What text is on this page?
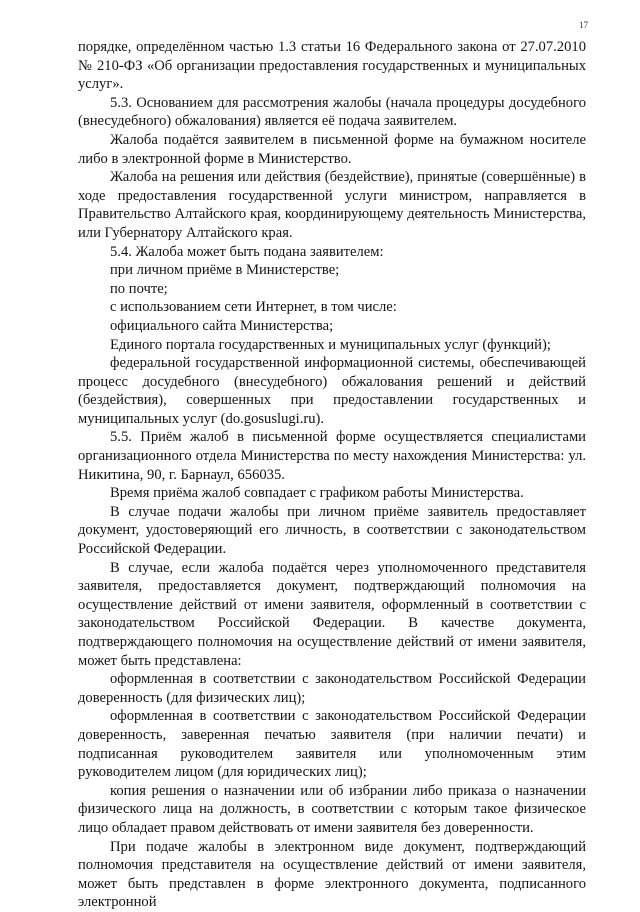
17

порядке, определённом частью 1.3 статьи 16 Федерального закона от 27.07.2010 № 210-ФЗ «Об организации предоставления государственных и муниципальных услуг».

5.3. Основанием для рассмотрения жалобы (начала процедуры досудебного (внесудебного) обжалования) является её подача заявителем.

Жалоба подаётся заявителем в письменной форме на бумажном носителе либо в электронной форме в Министерство.

Жалоба на решения или действия (бездействие), принятые (совершённые) в ходе предоставления государственной услуги министром, направляется в Правительство Алтайского края, координирующему деятельность Министерства, или Губернатору Алтайского края.

5.4. Жалоба может быть подана заявителем:

при личном приёме в Министерстве;

по почте;

с использованием сети Интернет, в том числе:

официального сайта Министерства;

Единого портала государственных и муниципальных услуг (функций);

федеральной государственной информационной системы, обеспечивающей процесс досудебного (внесудебного) обжалования решений и действий (бездействия), совершенных при предоставлении государственных и муниципальных услуг (do.gosuslugi.ru).

5.5. Приём жалоб в письменной форме осуществляется специалистами организационного отдела Министерства по месту нахождения Министерства: ул. Никитина, 90, г. Барнаул, 656035.

Время приёма жалоб совпадает с графиком работы Министерства.

В случае подачи жалобы при личном приёме заявитель предоставляет документ, удостоверяющий его личность, в соответствии с законодательством Российской Федерации.

В случае, если жалоба подаётся через уполномоченного представителя заявителя, предоставляется документ, подтверждающий полномочия на осуществление действий от имени заявителя, оформленный в соответствии с законодательством Российской Федерации. В качестве документа, подтверждающего полномочия на осуществление действий от имени заявителя, может быть представлена:

оформленная в соответствии с законодательством Российской Федерации доверенность (для физических лиц);

оформленная в соответствии с законодательством Российской Федерации доверенность, заверенная печатью заявителя (при наличии печати) и подписанная руководителем заявителя или уполномоченным этим руководителем лицом (для юридических лиц);

копия решения о назначении или об избрании либо приказа о назначении физического лица на должность, в соответствии с которым такое физическое лицо обладает правом действовать от имени заявителя без доверенности.

При подаче жалобы в электронном виде документ, подтверждающий полномочия представителя на осуществление действий от имени заявителя, может быть представлен в форме электронного документа, подписанного электронной
